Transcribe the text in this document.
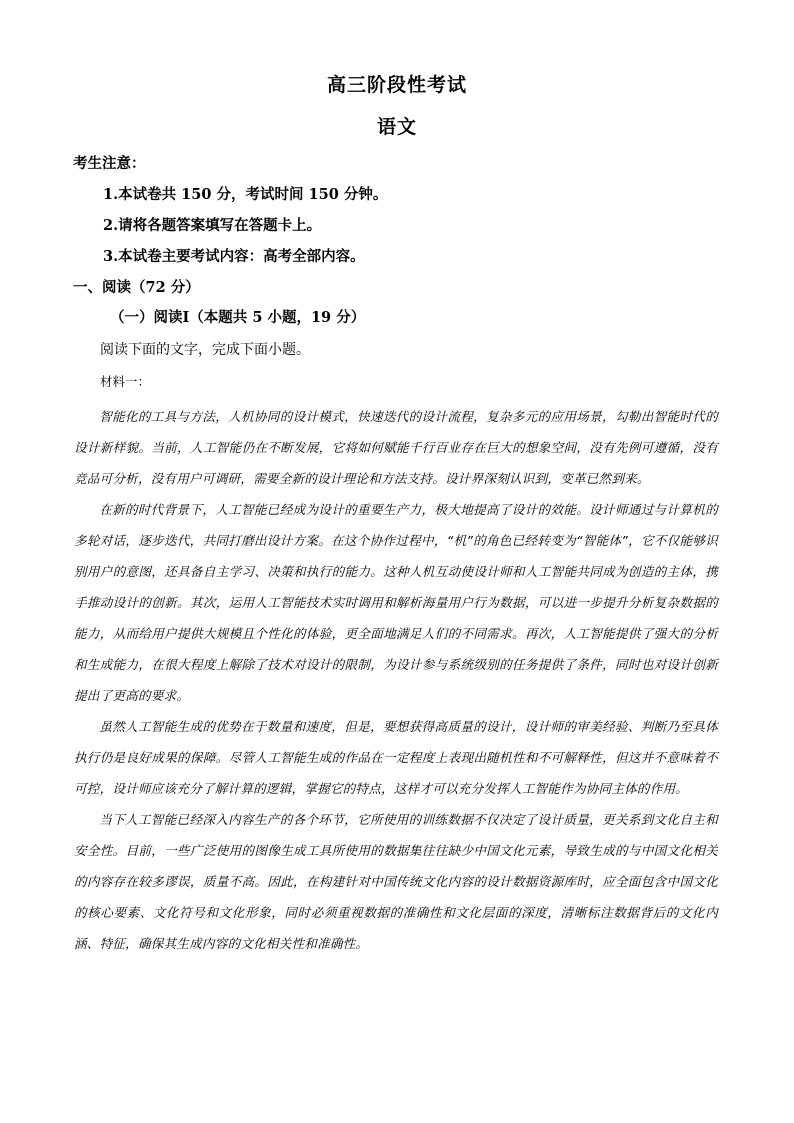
高三阶段性考试
语文
考生注意：
1.本试卷共 150 分，考试时间 150 分钟。
2.请将各题答案填写在答题卡上。
3.本试卷主要考试内容：高考全部内容。
一、阅读（72 分）
（一）阅读Ⅰ（本题共 5 小题，19 分）
阅读下面的文字，完成下面小题。
材料一：

智能化的工具与方法，人机协同的设计模式，快速迭代的设计流程，复杂多元的应用场景，勾勒出智能时代的设计新样貌。当前，人工智能仍在不断发展，它将如何赋能千行百业存在巨大的想象空间，没有先例可遵循，没有竞品可分析，没有用户可调研，需要全新的设计理论和方法支持。设计界深刻认识到，变革已然到来。

在新的时代背景下，人工智能已经成为设计的重要生产力，极大地提高了设计的效能。设计师通过与计算机的多轮对话，逐步迭代，共同打磨出设计方案。在这个协作过程中，“机”的角色已经转变为“智能体”，它不仅能够识别用户的意图，还具备自主学习、决策和执行的能力。这种人机互动使设计师和人工智能共同成为创造的主体，携手推动设计的创新。其次，运用人工智能技术实时调用和解析海量用户行为数据，可以进一步提升分析复杂数据的能力，从而给用户提供大规模且个性化的体验，更全面地满足人们的不同需求。再次，人工智能提供了强大的分析和生成能力，在很大程度上解除了技术对设计的限制，为设计参与系统级别的任务提供了条件，同时也对设计创新提出了更高的要求。

虽然人工智能生成的优势在于数量和速度，但是，要想获得高质量的设计，设计师的审美经验、判断乃至具体执行仍是良好成果的保障。尽管人工智能生成的作品在一定程度上表现出随机性和不可解释性，但这并不意味着不可控，设计师应该充分了解计算的逻辑，掌握它的特点，这样才可以充分发挥人工智能作为协同主体的作用。

当下人工智能已经深入内容生产的各个环节，它所使用的训练数据不仅决定了设计质量，更关系到文化自主和安全性。目前，一些广泛使用的图像生成工具所使用的数据集往往缺少中国文化元素，导致生成的与中国文化相关的内容存在较多谬误，质量不高。因此，在构建针对中国传统文化内容的设计数据资源库时，应全面包含中国文化的核心要素、文化符号和文化形象，同时必须重视数据的准确性和文化层面的深度，清晰标注数据背后的文化内涵、特征，确保其生成内容的文化相关性和准确性。
